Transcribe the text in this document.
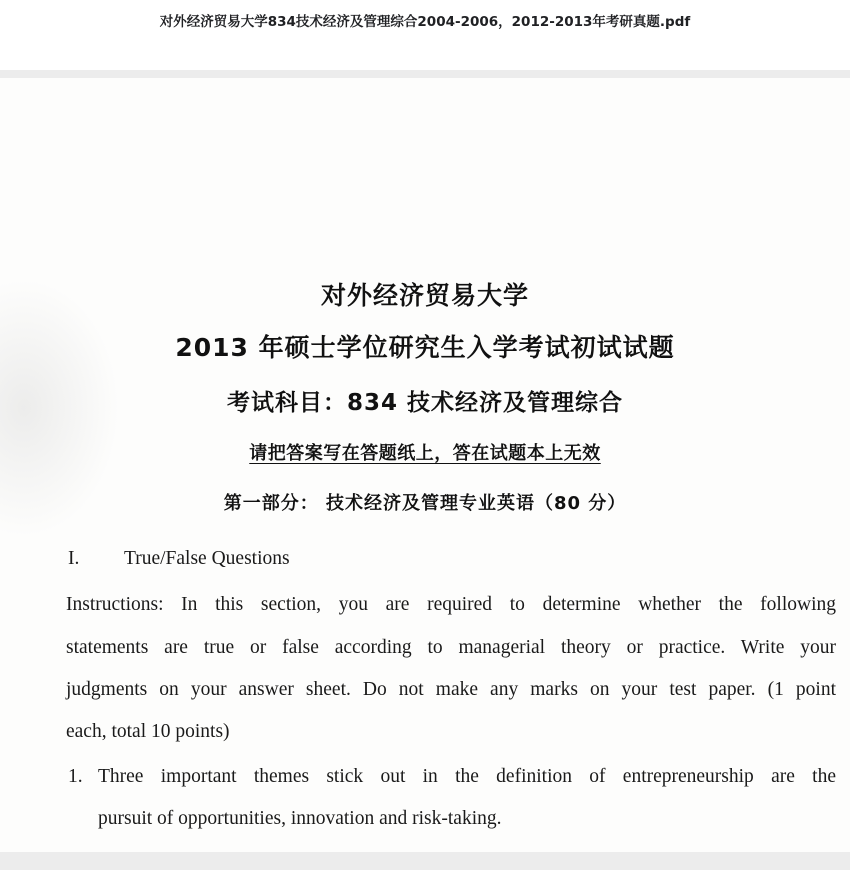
对外经济贸易大学834技术经济及管理综合2004-2006，2012-2013年考研真题.pdf
对外经济贸易大学
2013 年硕士学位研究生入学考试初试试题
考试科目：834 技术经济及管理综合
请把答案写在答题纸上，答在试题本上无效
第一部分： 技术经济及管理专业英语（80 分）
I. True/False Questions
Instructions: In this section, you are required to determine whether the following
statements are true or false according to managerial theory or practice. Write your
judgments on your answer sheet. Do not make any marks on your test paper. (1 point
each, total 10 points)
1. Three important themes stick out in the definition of entrepreneurship are the
pursuit of opportunities, innovation and risk-taking.
